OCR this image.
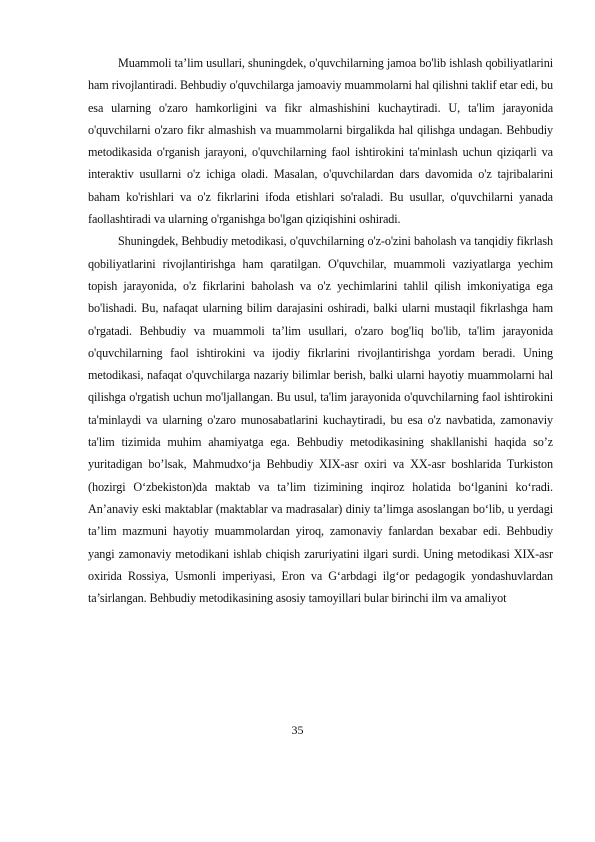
Muammoli ta’lim usullari, shuningdek, o'quvchilarning jamoa bo'lib ishlash qobiliyatlarini ham rivojlantiradi. Behbudiy o'quvchilarga jamoaviy muammolarni hal qilishni taklif etar edi, bu esa ularning o'zaro hamkorligini va fikr almashishini kuchaytiradi. U, ta'lim jarayonida o'quvchilarni o'zaro fikr almashish va muammolarni birgalikda hal qilishga undagan. Behbudiy metodikasida o'rganish jarayoni, o'quvchilarning faol ishtirokini ta'minlash uchun qiziqarli va interaktiv usullarni o'z ichiga oladi. Masalan, o'quvchilardan dars davomida o'z tajribalarini baham ko'rishlari va o'z fikrlarini ifoda etishlari so'raladi. Bu usullar, o'quvchilarni yanada faollashtiradi va ularning o'rganishga bo'lgan qiziqishini oshiradi.

Shuningdek, Behbudiy metodikasi, o'quvchilarning o'z-o'zini baholash va tanqidiy fikrlash qobiliyatlarini rivojlantirishga ham qaratilgan. O'quvchilar, muammoli vaziyatlarga yechim topish jarayonida, o'z fikrlarini baholash va o'z yechimlarini tahlil qilish imkoniyatiga ega bo'lishadi. Bu, nafaqat ularning bilim darajasini oshiradi, balki ularni mustaqil fikrlashga ham o'rgatadi. Behbudiy va muammoli ta’lim usullari, o'zaro bog'liq bo'lib, ta'lim jarayonida o'quvchilarning faol ishtirokini va ijodiy fikrlarini rivojlantirishga yordam beradi. Uning metodikasi, nafaqat o'quvchilarga nazariy bilimlar berish, balki ularni hayotiy muammolarni hal qilishga o'rgatish uchun mo'ljallangan. Bu usul, ta'lim jarayonida o'quvchilarning faol ishtirokini ta'minlaydi va ularning o'zaro munosabatlarini kuchaytiradi, bu esa o'z navbatida, zamonaviy ta'lim tizimida muhim ahamiyatga ega. Behbudiy metodikasining shakllanishi haqida so’z yuritadigan bo’lsak, Mahmudxo‘ja Behbudiy XIX-asr oxiri va XX-asr boshlarida Turkiston (hozirgi O‘zbekiston)da maktab va ta’lim tizimining inqiroz holatida bo‘lganini ko‘radi. An’anaviy eski maktablar (maktablar va madrasalar) diniy ta’limga asoslangan bo‘lib, u yerdagi ta’lim mazmuni hayotiy muammolardan yiroq, zamonaviy fanlardan bexabar edi. Behbudiy yangi zamonaviy metodikani ishlab chiqish zaruriyatini ilgari surdi. Uning metodikasi XIX-asr oxirida Rossiya, Usmonli imperiyasi, Eron va G‘arbdagi ilg‘or pedagogik yondashuvlardan ta’sirlangan. Behbudiy metodikasining asosiy tamoyillari bular birinchi ilm va amaliyot

35
